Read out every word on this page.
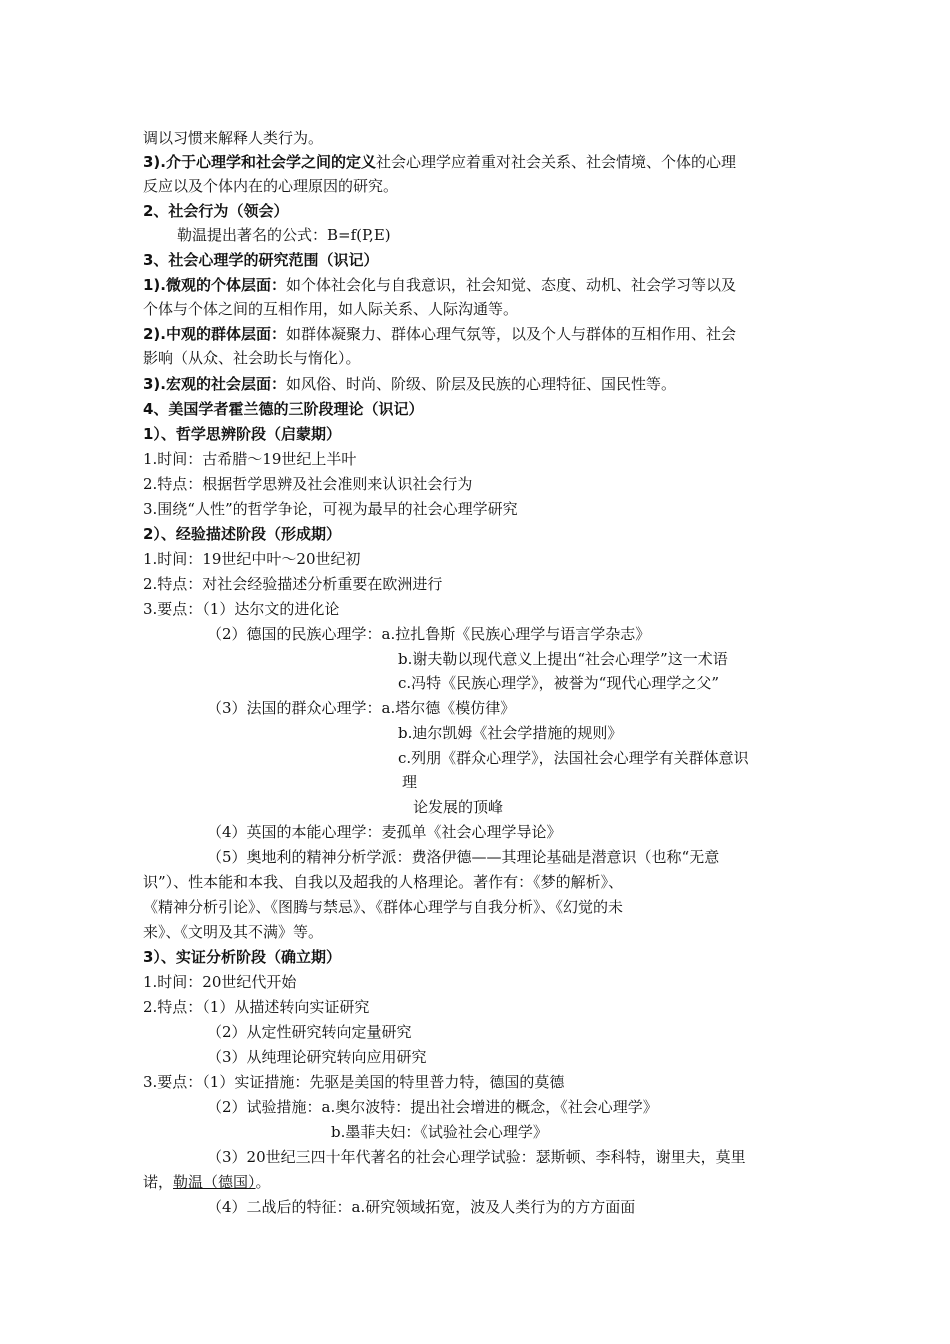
调以习惯来解释人类行为。
3).介于心理学和社会学之间的定义社会心理学应着重对社会关系、社会情境、个体的心理
反应以及个体内在的心理原因的研究。
2、社会行为（领会）
勒温提出著名的公式：B=f(P,E)
3、社会心理学的研究范围（识记）
1).微观的个体层面：如个体社会化与自我意识，社会知觉、态度、动机、社会学习等以及
个体与个体之间的互相作用，如人际关系、人际沟通等。
2).中观的群体层面：如群体凝聚力、群体心理气氛等，以及个人与群体的互相作用、社会
影响（从众、社会助长与惰化）。
3).宏观的社会层面：如风俗、时尚、阶级、阶层及民族的心理特征、国民性等。
4、美国学者霍兰德的三阶段理论（识记）
1）、哲学思辨阶段（启蒙期）
1.时间：古希腊～19世纪上半叶
2.特点：根据哲学思辨及社会准则来认识社会行为
3.围绕“人性”的哲学争论，可视为最早的社会心理学研究
2）、经验描述阶段（形成期）
1.时间：19世纪中叶～20世纪初
2.特点：对社会经验描述分析重要在欧洲进行
3.要点：（1）达尔文的进化论
（2）德国的民族心理学：a.拉扎鲁斯《民族心理学与语言学杂志》
b.谢夫勒以现代意义上提出“社会心理学”这一术语
c.冯特《民族心理学》，被誉为“现代心理学之父”
（3）法国的群众心理学：a.塔尔德《模仿律》
b.迪尔凯姆《社会学措施的规则》
c.列朋《群众心理学》，法国社会心理学有关群体意识
理
论发展的顶峰
（4）英国的本能心理学：麦孤单《社会心理学导论》
（5）奥地利的精神分析学派：费洛伊德——其理论基础是潜意识（也称“无意
识”）、性本能和本我、自我以及超我的人格理论。著作有：《梦的解析》、
《精神分析引论》、《图腾与禁忌》、《群体心理学与自我分析》、《幻觉的未
来》、《文明及其不满》等。
3）、实证分析阶段（确立期）
1.时间：20世纪代开始
2.特点：（1）从描述转向实证研究
（2）从定性研究转向定量研究
（3）从纯理论研究转向应用研究
3.要点：（1）实证措施：先驱是美国的特里普力特，德国的莫德
（2）试验措施：a.奥尔波特：提出社会增进的概念，《社会心理学》
b.墨菲夫妇：《试验社会心理学》
（3）20世纪三四十年代著名的社会心理学试验：瑟斯顿、李科特，谢里夫，莫里
诺，勒温（德国）。
（4）二战后的特征：a.研究领域拓宽，波及人类行为的方方面面
